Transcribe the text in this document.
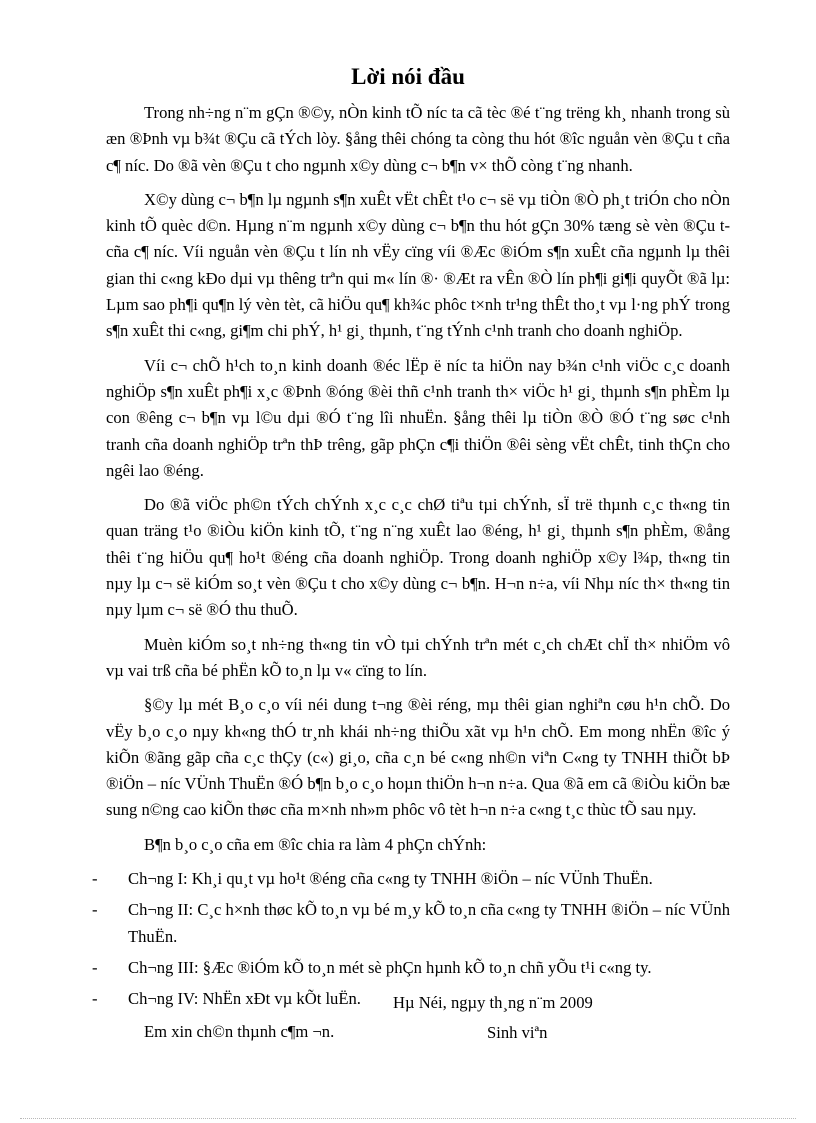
Lời nói đầu

Trong nh÷ng n¨m gÇn ®©y, nÒn kinh tÕ níc ta cã tèc ®é t¨ng trëng kh¸ nhanh trong sù æn ®Þnh vµ b¾t ®Çu cã tÝch lòy. §ång thêi chóng ta còng thu hót ®îc nguån vèn ®Çu t cña c¶ níc. Do ®ã vèn ®Çu t cho ngµnh x©y dùng c¬ b¶n v× thÕ còng t¨ng nhanh.

X©y dùng c¬ b¶n lµ ngµnh s¶n xuÊt vËt chÊt t¹o c¬ së vµ tiÒn ®Ò ph¸t triÓn cho nÒn kinh tÕ quèc d©n. Hµng n¨m ngµnh x©y dùng c¬ b¶n thu hót gÇn 30% tæng sè vèn ®Çu t cña c¶ níc. Víi nguån vèn ®Çu t lín nh vËy cïng víi ®Æc ®iÓm s¶n xuÊt cña ngµnh lµ thêi gian thi c«ng kÐo dµi vµ thêng trªn qui m« lín ®· ®Æt ra vÊn ®Ò lín ph¶i gi¶i quyÕt ®ã lµ: Lµm sao ph¶i qu¶n lý vèn tèt, cã hiÖu qu¶ kh¾c phôc t×nh tr¹ng thÊt tho¸t vµ l·ng phÝ trong s¶n xuÊt thi c«ng, gi¶m chi phÝ, h¹ gi¸ thµnh, t¨ng tÝnh c¹nh tranh cho doanh nghiÖp.

Víi c¬ chÕ h¹ch to¸n kinh doanh ®éc lËp ë níc ta hiÖn nay b¾n c¹nh viÖc c¸c doanh nghiÖp s¶n xuÊt ph¶i x¸c ®Þnh ®óng ®èi thñ c¹nh tranh th× viÖc h¹ gi¸ thµnh s¶n phÈm lµ con ®êng c¬ b¶n vµ l©u dµi ®Ó t¨ng lîi nhuËn. §ång thêi lµ tiÒn ®Ò ®Ó t¨ng søc c¹nh tranh cña doanh nghiÖp trªn thÞ trêng, gãp phÇn c¶i thiÖn ®êi sèng vËt chÊt, tinh thÇn cho ngêi lao ®éng.

Do ®ã viÖc ph©n tÝch chÝnh x¸c c¸c chØ tiªu tµi chÝnh, sÏ trë thµnh c¸c th«ng tin quan träng t¹o ®iÒu kiÖn kinh tÕ, t¨ng n¨ng xuÊt lao ®éng, h¹ gi¸ thµnh s¶n phÈm, ®ång thêi t¨ng hiÖu qu¶ ho¹t ®éng cña doanh nghiÖp. Trong doanh nghiÖp x©y l¾p, th«ng tin nµy lµ c¬ së kiÓm so¸t vèn ®Çu t cho x©y dùng c¬ b¶n. H¬n n÷a, víi Nhµ níc th× th«ng tin nµy lµm c¬ së ®Ó thu thuÕ.

Muèn kiÓm so¸t nh÷ng th«ng tin vÒ tµi chÝnh trªn mét c¸ch chÆt chÏ th× nhiÖm vô vµ vai trß cña bé phËn kÕ to¸n lµ v« cïng to lín.

§©y lµ mét B¸o c¸o víi néi dung t¬ng ®èi réng, mµ thêi gian nghiªn cøu h¹n chÕ. Do vËy b¸o c¸o nµy kh«ng thÓ tr¸nh khái nh÷ng thiÕu xãt vµ h¹n chÕ. Em mong nhËn ®îc ý kiÕn ®ãng gãp cña c¸c thÇy (c«) gi¸o, cña c¸n bé c«ng nh©n viªn C«ng ty TNHH thiÕt bÞ ®iÖn – níc VÜnh ThuËn ®Ó b¶n b¸o c¸o hoµn thiÖn h¬n n÷a. Qua ®ã em cã ®iÒu kiÖn bæ sung n©ng cao kiÕn thøc cña m×nh nh»m phôc vô tèt h¬n n÷a c«ng t¸c thùc tÕ sau nµy.

B¶n b¸o c¸o cña em ®îc chia ra làm 4 phÇn chÝnh:

- Ch¬ng I: Kh¸i qu¸t vµ ho¹t ®éng cña c«ng ty TNHH ®iÖn – níc VÜnh ThuËn.
- Ch¬ng II: C¸c h×nh thøc kÕ to¸n vµ bé m¸y kÕ to¸n cña c«ng ty TNHH ®iÖn – níc VÜnh ThuËn.
- Ch¬ng III: §Æc ®iÓm kÕ to¸n mét sè phÇn hµnh kÕ to¸n chñ yÕu t¹i c«ng ty.
- Ch¬ng IV: NhËn xÐt vµ kÕt luËn.

Em xin ch©n thµnh c¶m ¬n.

Hµ Néi, ngµy th¸ng n¨m 2009
Sinh viªn
